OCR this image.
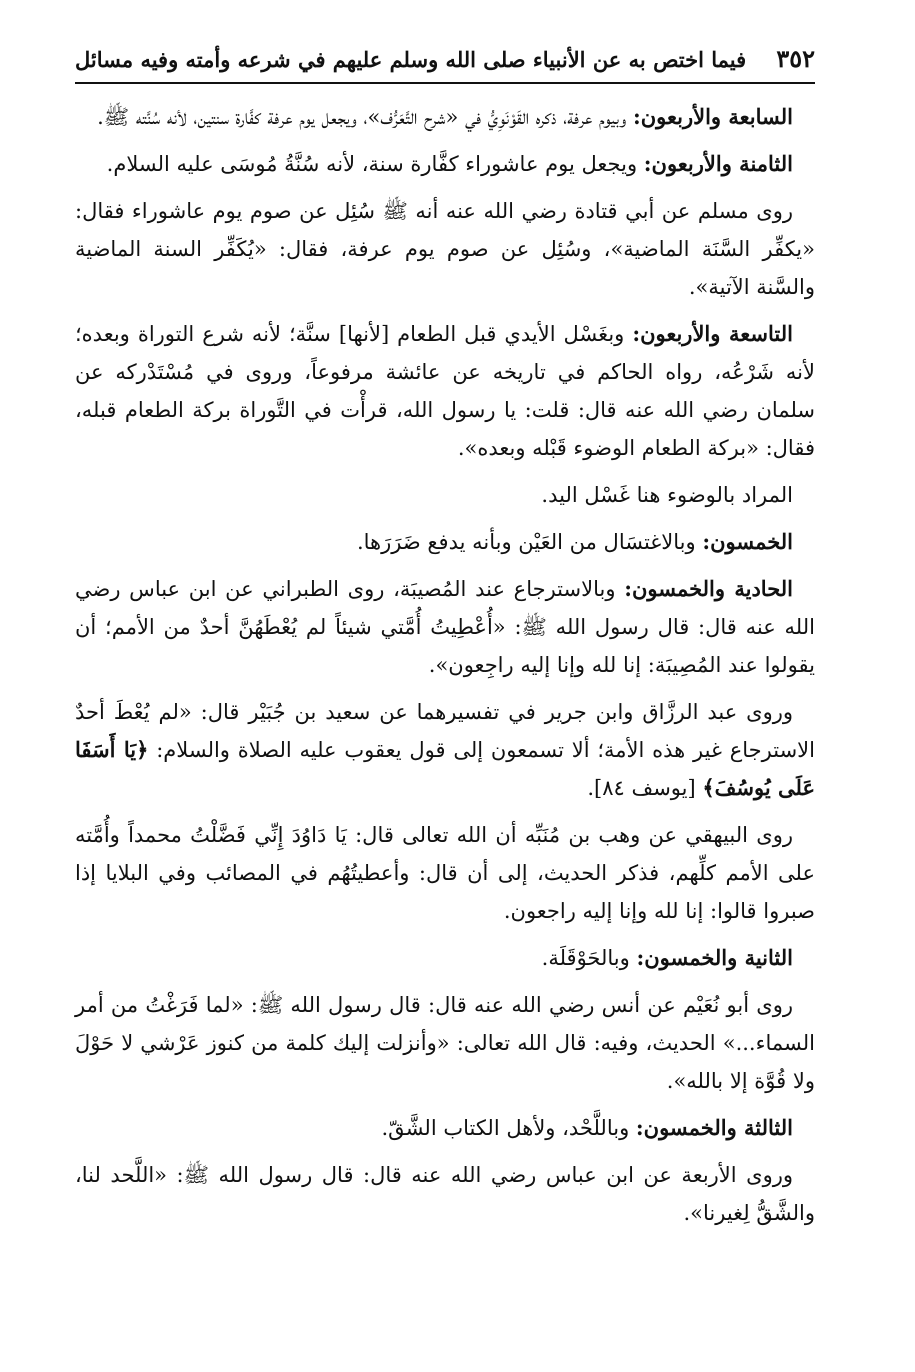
٣٥٢
فيما اختص به عن الأنبياء صلى الله وسلم عليهم في شرعه وأمته وفيه مسائل

السابعة والأربعون: وبيوم عرفة، ذكره القَوْنَوِيُّ في «شرح التَّعَرُّف»، ويجعل يوم عرفة كفَّارة سنتين، لأنه سُنَّته ﷺ.

الثامنة والأربعون: ويجعل يوم عاشوراء كفَّارة سنة، لأنه سُنَّةُ مُوسَى عليه السلام.

روى مسلم عن أبي قتادة رضي الله عنه أنه ﷺ سُئِل عن صوم يوم عاشوراء فقال: «يكفِّر السَّنَة الماضية»، وسُئِل عن صوم يوم عرفة، فقال: «يُكَفِّر السنة الماضية والسَّنة الآتية».

التاسعة والأربعون: وبغَسْل الأيدي قبل الطعام [لأنها] سنَّة؛ لأنه شرع التوراة وبعده؛ لأنه شَرْعُه، رواه الحاكم في تاريخه عن عائشة مرفوعاً، وروى في مُسْتَدْركه عن سلمان رضي الله عنه قال: قلت: يا رسول الله، قرأْت في التَّوراة بركة الطعام قبله، فقال: «بركة الطعام الوضوء قَبْله وبعده».

المراد بالوضوء هنا غَسْل اليد.

الخمسون: وبالاغتسَال من العَيْن وبأنه يدفع ضَرَرَها.

الحادية والخمسون: وبالاسترجاع عند المُصيبَة، روى الطبراني عن ابن عباس رضي الله عنه قال: قال رسول الله ﷺ: «أُعْطِيتُ أُمَّتي شيئاً لم يُعْطَهُنَّ أحدٌ من الأمم؛ أن يقولوا عند المُصِيبَة: إنا لله وإنا إليه راجِعون».

وروى عبد الرزَّاق وابن جرير في تفسيرهما عن سعيد بن جُبَيْر قال: «لم يُعْطَ أحدٌ الاسترجاع غير هذه الأمة؛ ألا تسمعون إلى قول يعقوب عليه الصلاة والسلام: ﴿يَا أَسَفَا عَلَى يُوسُفَ﴾ [يوسف ٨٤].

روى البيهقي عن وهب بن مُنَبِّه أن الله تعالى قال: يَا دَاوُدَ إِنِّي فَضَّلْتُ محمداً وأُمَّته على الأمم كلِّهم، فذكر الحديث، إلى أن قال: وأعطيتُهُم في المصائب وفي البلايا إذا صبروا قالوا: إنا لله وإنا إليه راجعون.

الثانية والخمسون: وبالحَوْقَلَة.

روى أبو نُعَيْم عن أنس رضي الله عنه قال: قال رسول الله ﷺ: «لما فَرَغْتُ من أمر السماء...» الحديث، وفيه: قال الله تعالى: «وأنزلت إليك كلمة من كنوز عَرْشي لا حَوْلَ ولا قُوَّة إلا بالله».

الثالثة والخمسون: وباللَّحْد، ولأهل الكتاب الشَّقّ.

وروى الأربعة عن ابن عباس رضي الله عنه قال: قال رسول الله ﷺ: «اللَّحد لنا، والشَّقُّ لِغيرنا».
